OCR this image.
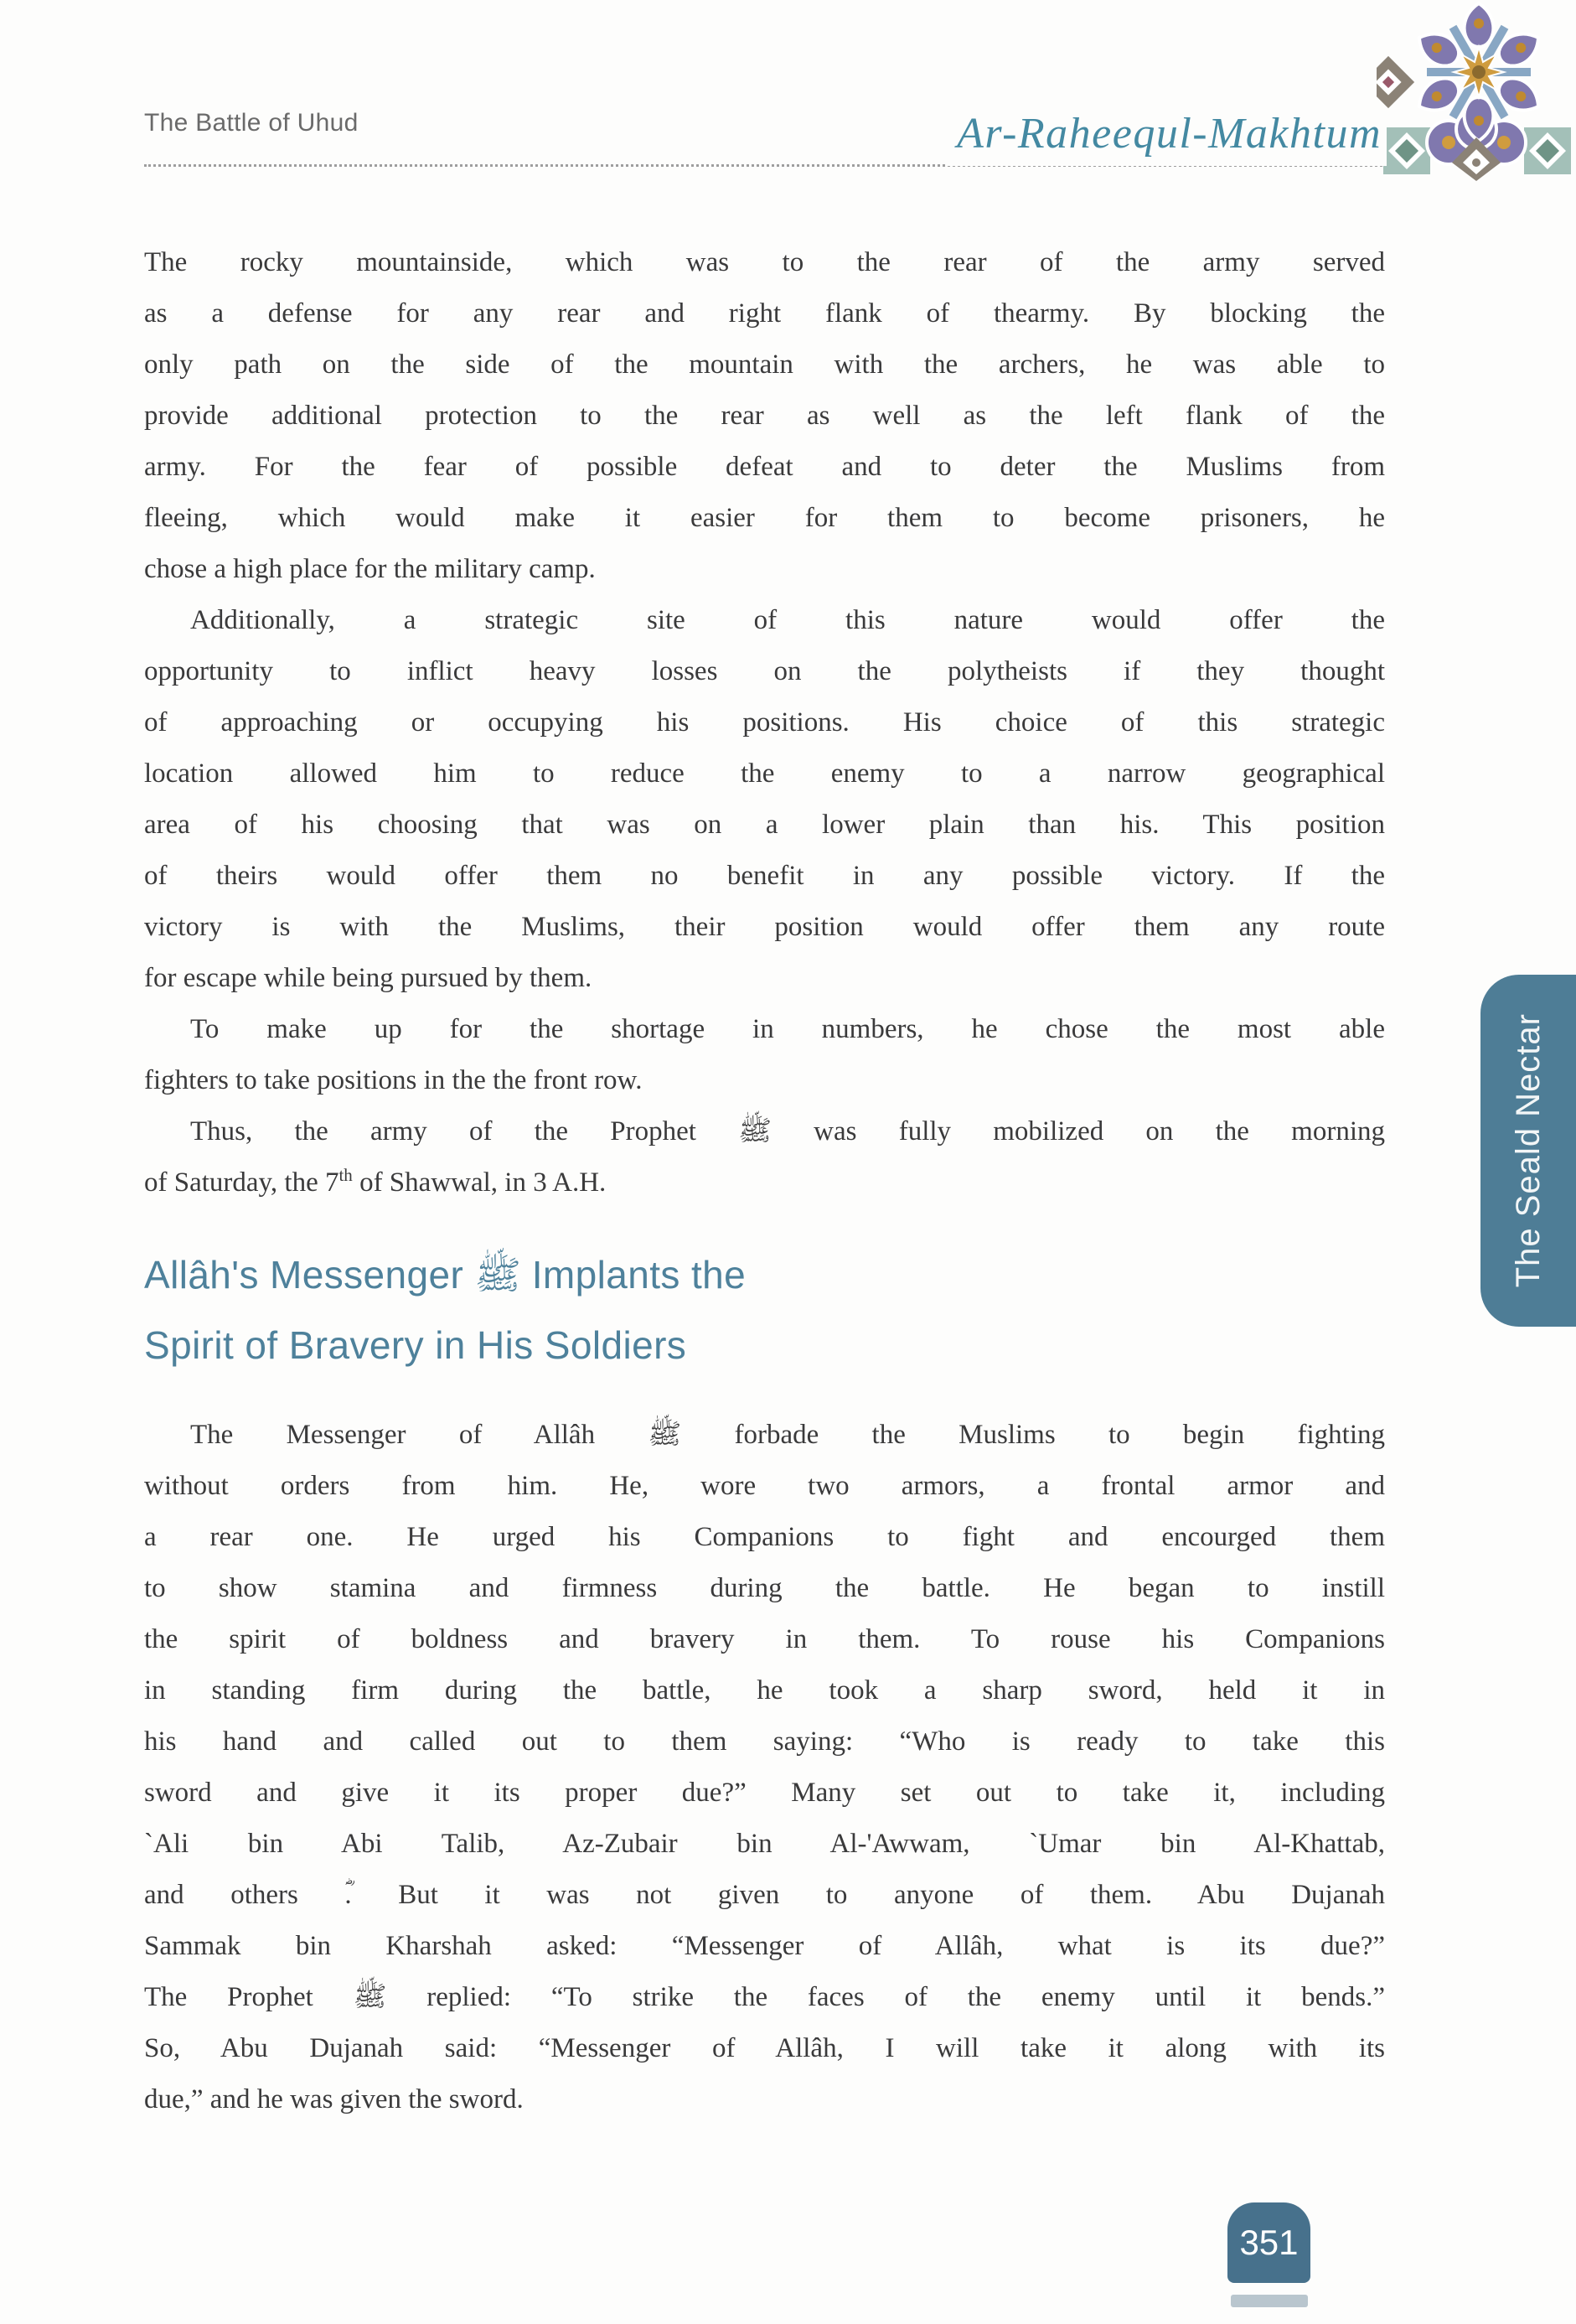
The Battle of Uhud	Ar-Raheequl-Makhtum
The rocky mountainside, which was to the rear of the army served
as a defense for any rear and right flank of thearmy. By blocking the
only path on the side of the mountain with the archers, he was able to
provide additional protection to the rear as well as the left flank of the
army. For the fear of possible defeat and to deter the Muslims from
fleeing, which would make it easier for them to become prisoners, he
chose a high place for the military camp.
Additionally, a strategic site of this nature would offer the
opportunity to inflict heavy losses on the polytheists if they thought
of approaching or occupying his positions. His choice of this strategic
location allowed him to reduce the enemy to a narrow geographical
area of his choosing that was on a lower plain than his. This position
of theirs would offer them no benefit in any possible victory. If the
victory is with the Muslims, their position would offer them any route
for escape while being pursued by them.
To make up for the shortage in numbers, he chose the most able
fighters to take positions in the the front row.
Thus, the army of the Prophet ﷺ was fully mobilized on the morning
of Saturday, the 7th of Shawwal, in 3 A.H.
Allâh's Messenger ﷺ Implants the
Spirit of Bravery in His Soldiers
The Messenger of Allâh ﷺ forbade the Muslims to begin fighting
without orders from him. He, wore two armors, a frontal armor and
a rear one. He urged his Companions to fight and encourged them
to show stamina and firmness during the battle. He began to instill
the spirit of boldness and bravery in them. To rouse his Companions
in standing firm during the battle, he took a sharp sword, held it in
his hand and called out to them saying: “Who is ready to take this
sword and give it its proper due?” Many set out to take it, including
`Ali bin Abi Talib, Az-Zubair bin Al-'Awwam, `Umar bin Al-Khattab,
and others ؓ. But it was not given to anyone of them. Abu Dujanah
Sammak bin Kharshah asked: “Messenger of Allâh, what is its due?”
The Prophet ﷺ replied: “To strike the faces of the enemy until it bends.”
So, Abu Dujanah said: “Messenger of Allâh, I will take it along with its
due,” and he was given the sword.
The Seald Nectar
351
